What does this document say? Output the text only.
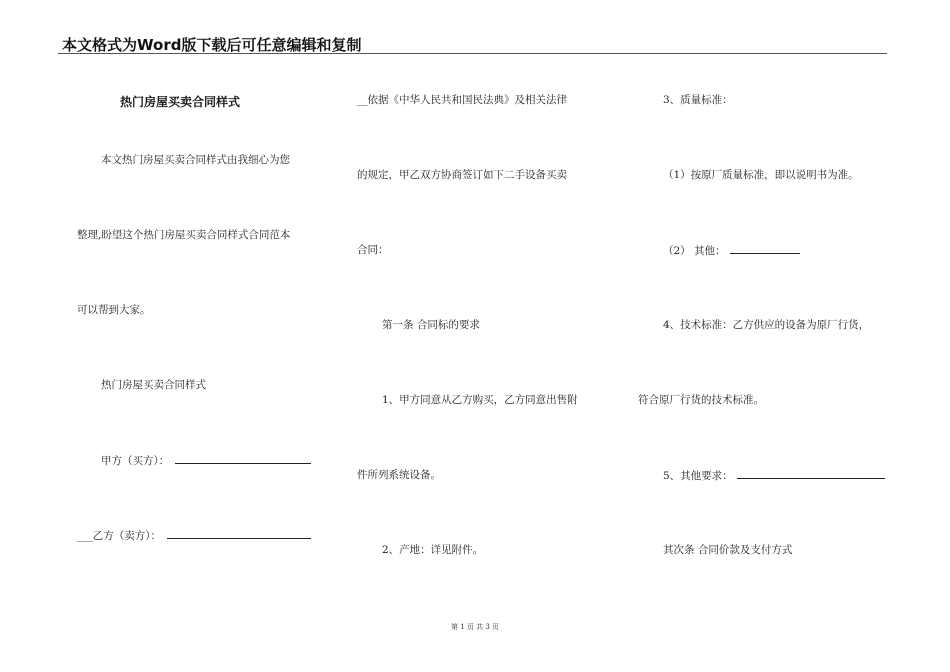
本文格式为Word版下载后可任意编辑和复制
热门房屋买卖合同样式
本文热门房屋买卖合同样式由我细心为您
整理,盼望这个热门房屋买卖合同样式合同范本
可以帮到大家。
热门房屋买卖合同样式
甲方（买方）：
___乙方（卖方）：
__依据《中华人民共和国民法典》及相关法律
的规定，甲乙双方协商签订如下二手设备买卖
合同：
第一条 合同标的要求
1、甲方同意从乙方购买，乙方同意出售附
件所列系统设备。
2、产地：详见附件。
3、质量标准：
（1）按原厂质量标准，即以说明书为准。
（2） 其他：
4、技术标准：乙方供应的设备为原厂行货，
符合原厂行货的技术标准。
5、其他要求：
其次条 合同价款及支付方式
第 1 页 共 3 页
